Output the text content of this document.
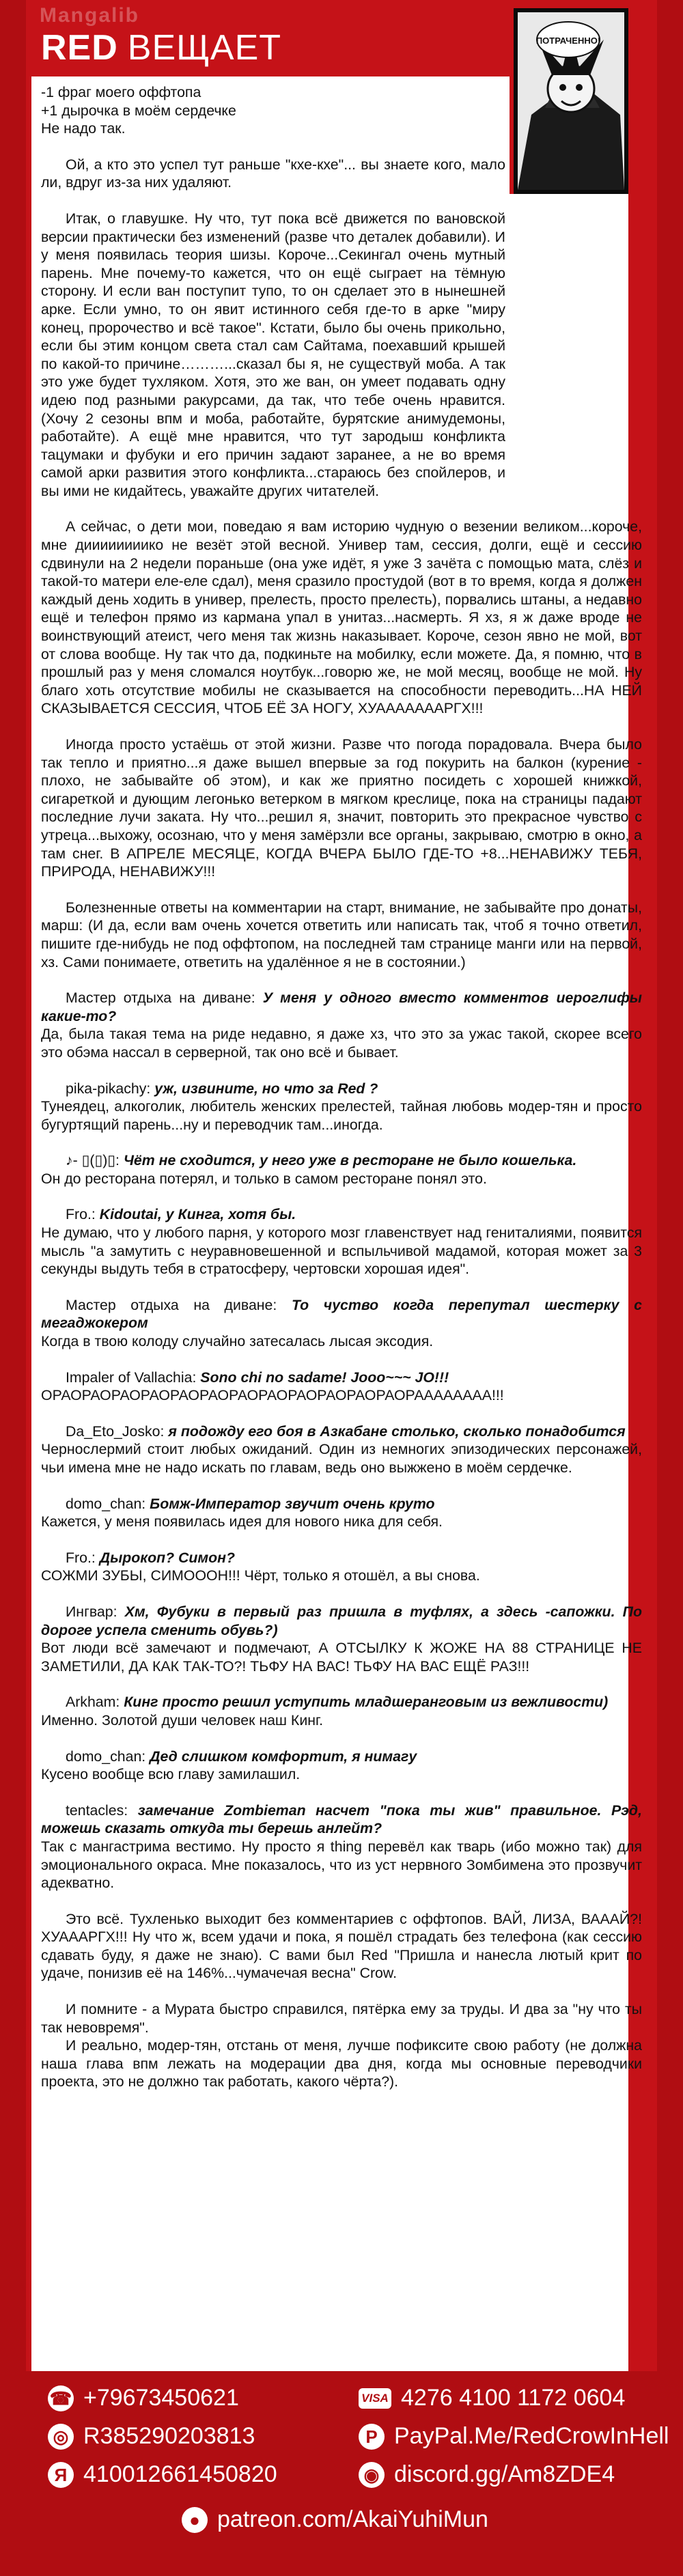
Mangalib
RED ВЕЩАЕТ	ПОТРАЧЕННО!

-1 фраг моего оффтопа
+1 дырочка в моём сердечке
Не надо так.

Ой, а кто это успел тут раньше "кхе-кхе"... вы знаете кого, мало ли, вдруг из-за них удаляют.

Итак, о главушке. Ну что, тут пока всё движется по вановской версии практически без изменений (разве что деталек добавили). И у меня появилась теория шизы. Короче...Секингал очень мутный парень. Мне почему-то кажется, что он ещё сыграет на тёмную сторону. И если ван поступит тупо, то он сделает это в нынешней арке. Если умно, то он явит истинного себя где-то в арке "миру конец, пророчество и всё такое". Кстати, было бы очень прикольно, если бы этим концом света стал сам Сайтама, поехавший крышей по какой-то причине………...сказал бы я, не существуй моба. А так это уже будет тухляком. Хотя, это же ван, он умеет подавать одну идею под разными ракурсами, да так, что тебе очень нравится. (Хочу 2 сезоны впм и моба, работайте, бурятские анимудемоны, работайте). А ещё мне нравится, что тут зародыш конфликта тацумаки и фубуки и его причин задают заранее, а не во время самой арки развития этого конфликта...стараюсь без спойлеров, и вы ими не кидайтесь, уважайте других читателей.

А сейчас, о дети мои, поведаю я вам историю чудную о везении великом...короче, мне диииииииико не везёт этой весной. Универ там, сессия, долги, ещё и сессию сдвинули на 2 недели пораньше (она уже идёт, я уже 3 зачёта с помощью мата, слёз и такой-то матери еле-еле сдал), меня сразило простудой (вот в то время, когда я должен каждый день ходить в универ, прелесть, просто прелесть), порвались штаны, а недавно ещё и телефон прямо из кармана упал в унитаз...насмерть. Я хз, я ж даже вроде не воинствующий атеист, чего меня так жизнь наказывает. Короче, сезон явно не мой, вот от слова вообще. Ну так что да, подкиньте на мобилку, если можете. Да, я помню, что в прошлый раз у меня сломался ноутбук...говорю же, не мой месяц, вообще не мой. Ну благо хоть отсутствие мобилы не сказывается на способности переводить...НА НЕЙ СКАЗЫВАЕТСЯ СЕССИЯ, ЧТОБ ЕЁ ЗА НОГУ, ХУАААААААРГХ!!!

Иногда просто устаёшь от этой жизни. Разве что погода порадовала. Вчера было так тепло и приятно...я даже вышел впервые за год покурить на балкон (курение - плохо, не забывайте об этом), и как же приятно посидеть с хорошей книжкой, сигареткой и дующим легонько ветерком в мягком креслице, пока на страницы падают последние лучи заката. Ну что...решил я, значит, повторить это прекрасное чувство с утреца...выхожу, осознаю, что у меня замёрзли все органы, закрываю, смотрю в окно, а там снег. В АПРЕЛЕ МЕСЯЦЕ, КОГДА ВЧЕРА БЫЛО ГДЕ-ТО +8...НЕНАВИЖУ ТЕБЯ, ПРИРОДА, НЕНАВИЖУ!!!

Болезненные ответы на комментарии на старт, внимание, не забывайте про донаты, марш: (И да, если вам очень хочется ответить или написать так, чтоб я точно ответил, пишите где-нибудь не под оффтопом, на последней там странице манги или на первой, хз. Сами понимаете, ответить на удалённое я не в состоянии.)

Мастер отдыха на диване: У меня у одного вместо комментов иероглифы какие-то?
Да, была такая тема на риде недавно, я даже хз, что это за ужас такой, скорее всего это обэма нассал в серверной, так оно всё и бывает.

pika-pikachy: уж, извините, но что за Red ?
Тунеядец, алкоголик, любитель женских прелестей, тайная любовь модер-тян и просто бугуртящий парень...ну и переводчик там...иногда.

♪- ▯(▯)▯: Чёт не сходится, у него уже в ресторане не было кошелька.
Он до ресторана потерял, и только в самом ресторане понял это.

Fro.: Kidoutai, у Кинга, хотя бы.
Не думаю, что у любого парня, у которого мозг главенствует над гениталиями, появится мысль "а замутить с неуравновешенной и вспыльчивой мадамой, которая может за 3 секунды выдуть тебя в стратосферу, чертовски хорошая идея".

Мастер отдыха на диване: То чуство когда перепутал шестерку с мегаджокером
Когда в твою колоду случайно затесалась лысая эксодия.

Impaler of Vallachia: Sono chi no sadame! Jooo~~~ JO!!!
ОРАОРАОРАОРАОРАОРАОРАОРАОРАОРАОРАОРАОРАААААААА!!!

Da_Eto_Josko: я подожду его боя в Азкабане столько, сколько понадобится
Чернослермий стоит любых ожиданий. Один из немногих эпизодических персонажей, чьи имена мне не надо искать по главам, ведь оно выжжено в моём сердечке.

domo_chan: Бомж-Император звучит очень круто
Кажется, у меня появилась идея для нового ника для себя.

Fro.: Дырокоп? Симон?
СОЖМИ ЗУБЫ, СИМОООН!!! Чёрт, только я отошёл, а вы снова.

Ингвар: Хм, Фубуки в первый раз пришла в туфлях, а здесь -сапожки. По дороге успела сменить обувь?)
Вот люди всё замечают и подмечают, А ОТСЫЛКУ К ЖОЖЕ НА 88 СТРАНИЦЕ НЕ ЗАМЕТИЛИ, ДА КАК ТАК-ТО?! ТЬФУ НА ВАС! ТЬФУ НА ВАС ЕЩЁ РАЗ!!!

Arkham: Кинг просто решил уступить младшеранговым из вежливости)
Именно. Золотой души человек наш Кинг.

domo_chan: Дед слишком комфортит, я нимагу
Кусено вообще всю главу замилашил.

tentacles: замечание Zombieman насчет "пока ты жив" правильное. Рэд, можешь сказать откуда ты берешь анлейт?
Так с мангастрима вестимо. Ну просто я thing перевёл как тварь (ибо можно так) для эмоционального окраса. Мне показалось, что из уст нервного Зомбимена это прозвучит адекватно.

Это всё. Тухленько выходит без комментариев с оффтопов. ВАЙ, ЛИЗА, ВАААЙ?! ХУАААРГХ!!! Ну что ж, всем удачи и пока, я пошёл страдать без телефона (как сессию сдавать буду, я даже не знаю). С вами был Red "Пришла и нанесла лютый крит по удаче, понизив её на 146%...чумачечая весна" Crow.

И помните - а Мурата быстро справился, пятёрка ему за труды. И два за "ну что ты так невовремя".

И реально, модер-тян, отстань от меня, лучше пофиксите свою работу (не должна наша глава впм лежать на модерации два дня, когда мы основные переводчики проекта, это не должно так работать, какого чёрта?).

☎ +79673450621	VISA 4276 4100 1172 0604
◎ R385290203813	P PayPal.Me/RedCrowInHell
Я 410012661450820	◉ discord.gg/Am8ZDE4
● patreon.com/AkaiYuhiMun
